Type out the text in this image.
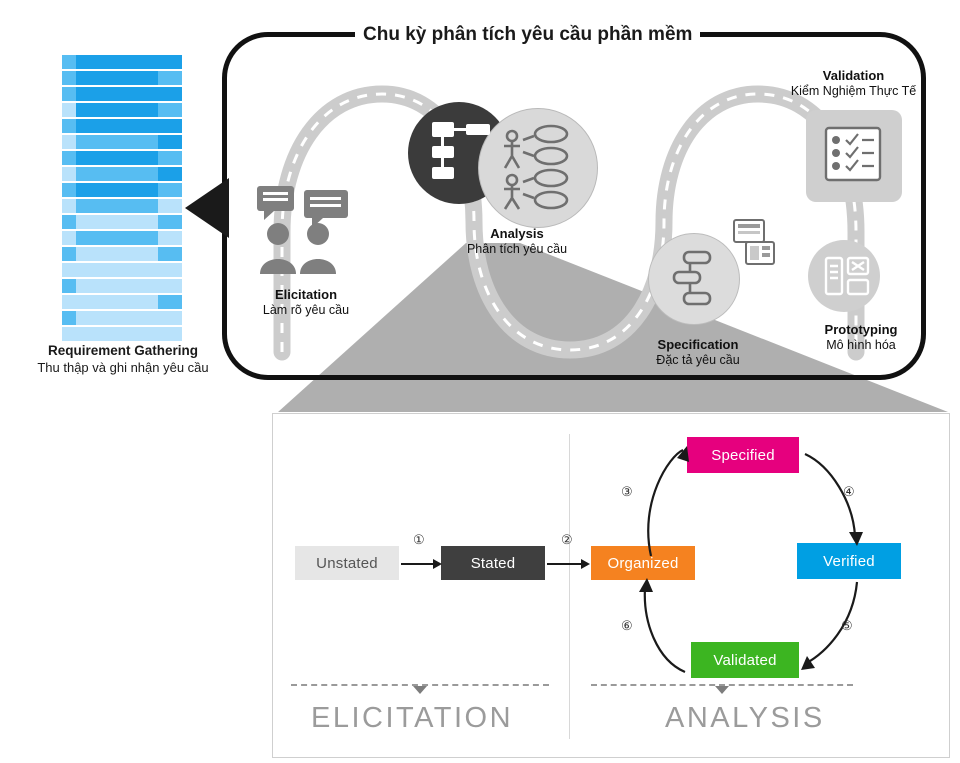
Requirement Gathering
Thu thập và ghi nhận yêu cầu
Chu kỳ phân tích yêu cầu phần mềm
Elicitation
Làm rõ yêu cầu
Analysis
Phân tích yêu cầu
Specification
Đặc tả yêu cầu
Prototyping
Mô hình hóa
Validation
Kiểm Nghiệm Thực Tế
Unstated	Stated
①	②
Organized
Specified
Verified
Validated
③	④
⑤
⑥
ELICITATION	ANALYSIS
